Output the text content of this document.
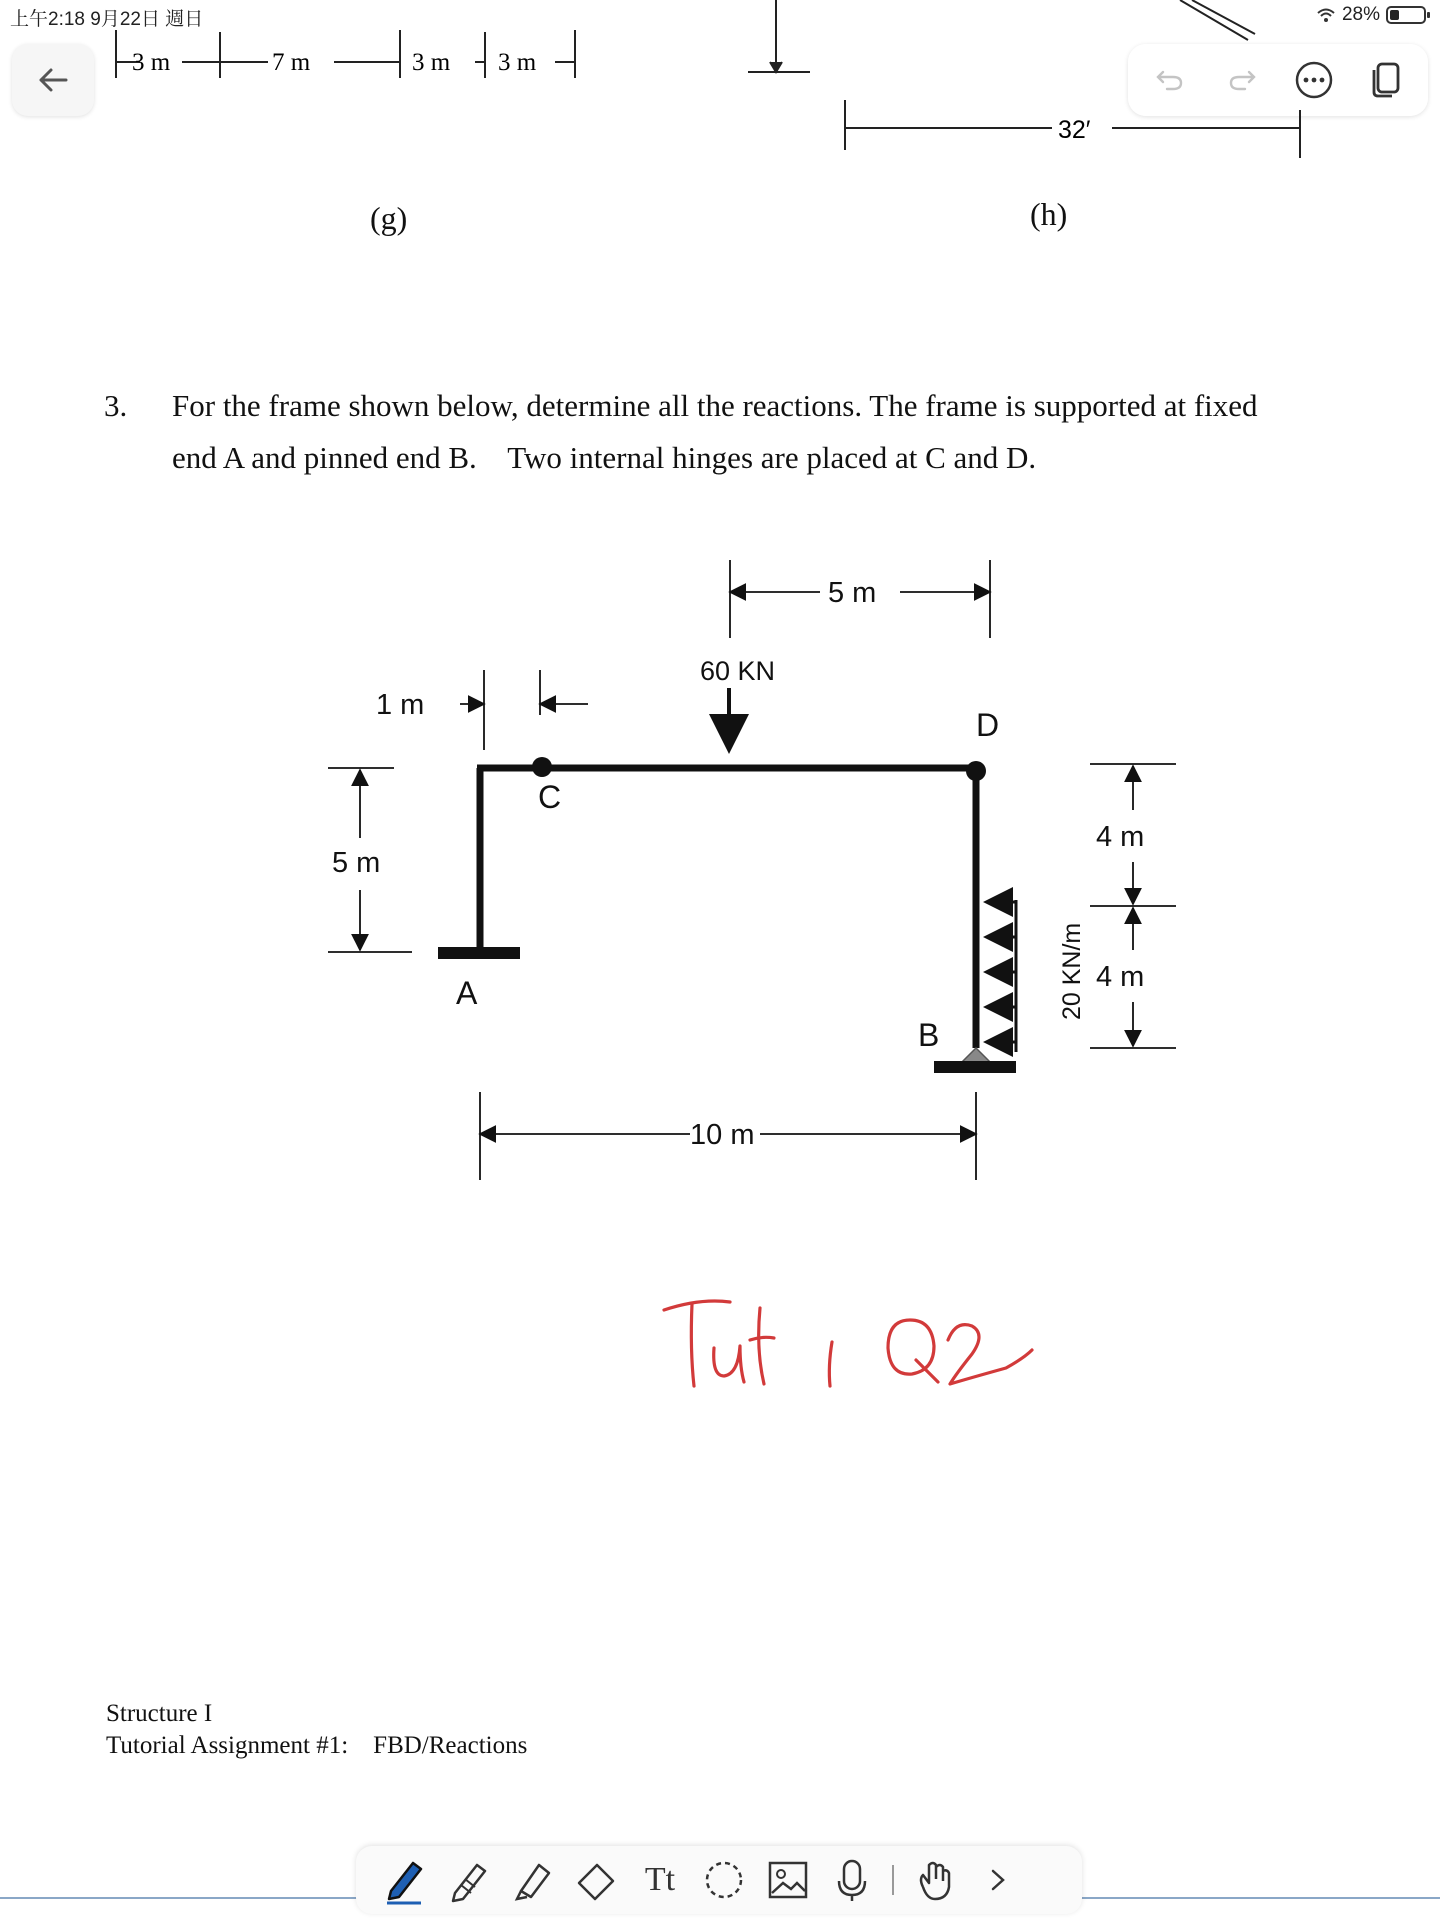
上午2:18 9月22日 週日	28%
3 m	7 m	3 m 3 m
(g)
32′
(h)
3. For the frame shown below, determine all the reactions. The frame is supported at fixed
end A and pinned end B.    Two internal hinges are placed at C and D.
60 KN
5 m
1 m
5 m
4 m
4 m
10 m
20 KN/m
A
B
C
D
Structure I
Tutorial Assignment #1: FBD/Reactions
Tt
